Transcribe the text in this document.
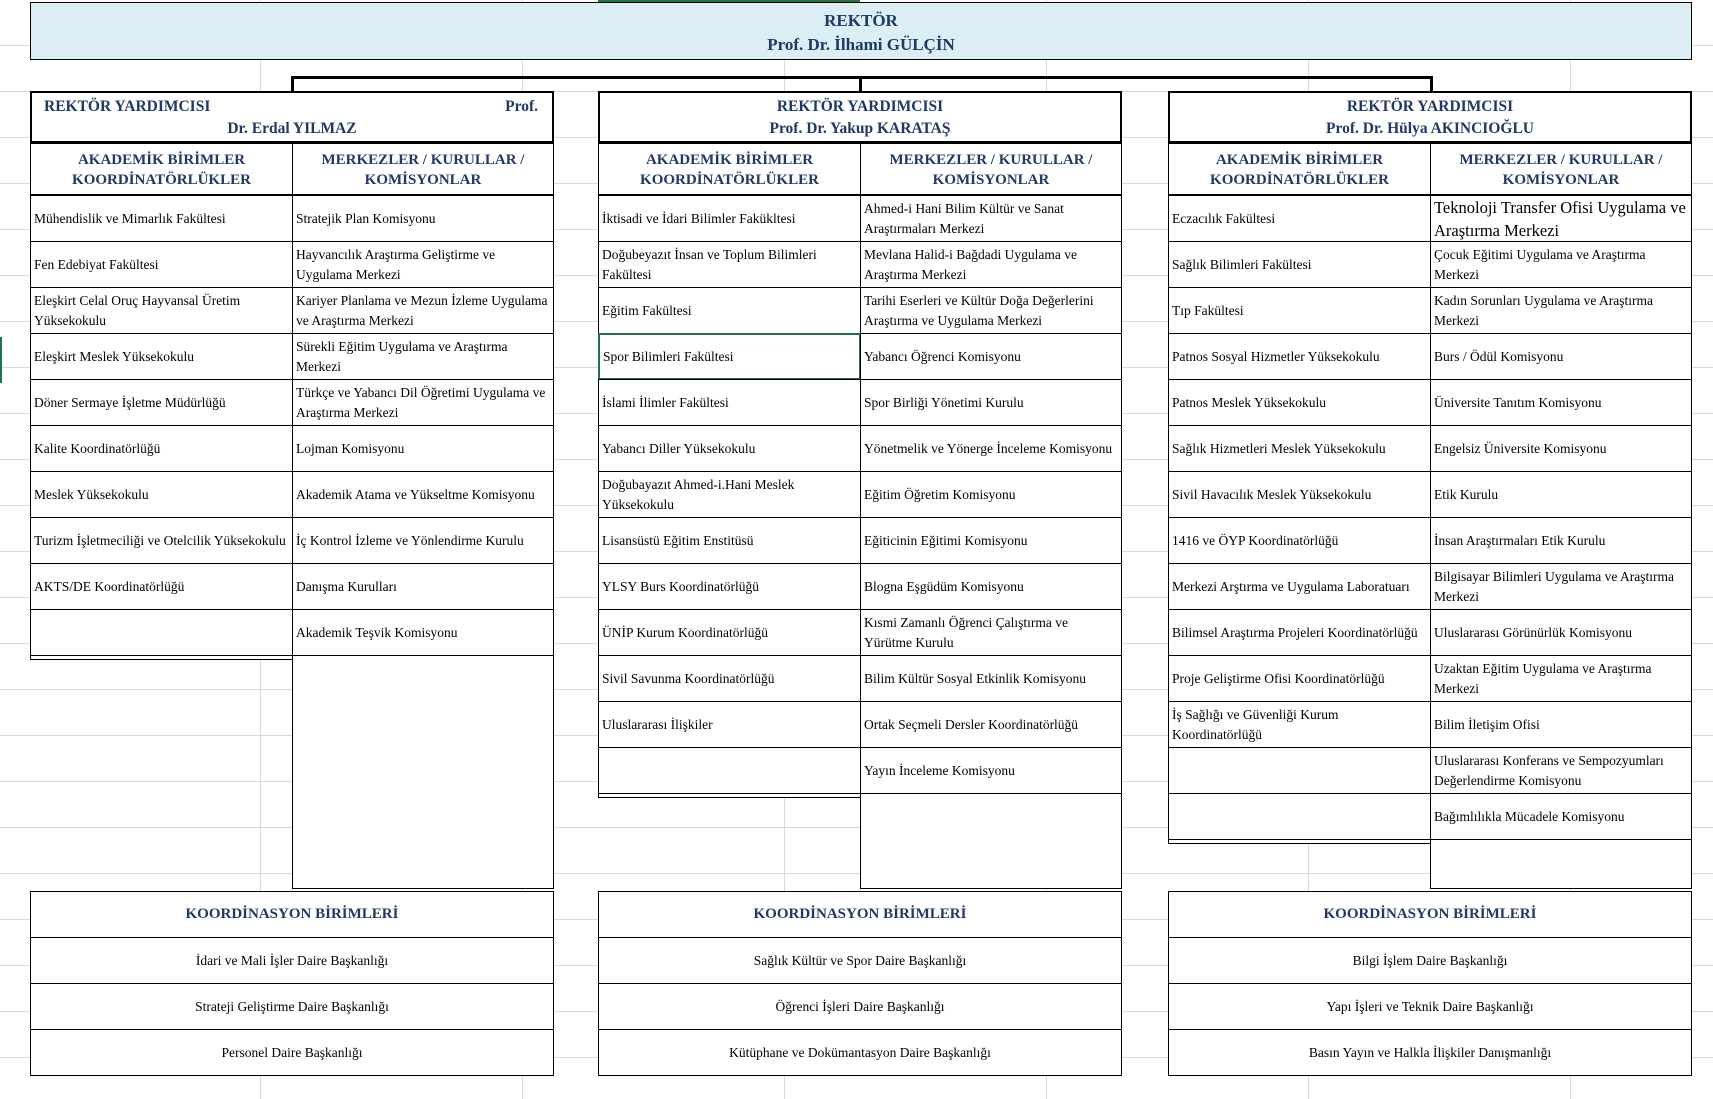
REKTÖR
Prof. Dr. İlhami GÜLÇİN
REKTÖR YARDIMCISI	Prof.
Dr. Erdal YILMAZ
REKTÖR YARDIMCISI
Prof. Dr. Yakup KARATAŞ
REKTÖR YARDIMCISI
Prof. Dr. Hülya AKINCIOĞLU
AKADEMİK BİRİMLER KOORDİNATÖRLÜKLER
MERKEZLER / KURULLAR / KOMİSYONLAR
AKADEMİK BİRİMLER KOORDİNATÖRLÜKLER
MERKEZLER / KURULLAR / KOMİSYONLAR
AKADEMİK BİRİMLER KOORDİNATÖRLÜKLER
MERKEZLER / KURULLAR / KOMİSYONLAR
Mühendislik ve Mimarlık Fakültesi
Fen Edebiyat Fakültesi
Eleşkirt Celal Oruç Hayvansal Üretim Yüksekokulu
Eleşkirt Meslek Yüksekokulu
Döner Sermaye İşletme Müdürlüğü
Kalite Koordinatörlüğü
Meslek Yüksekokulu
Turizm İşletmeciliği ve Otelcilik Yüksekokulu
AKTS/DE Koordinatörlüğü
Stratejik Plan Komisyonu
Hayvancılık Araştırma Geliştirme ve Uygulama Merkezi
Kariyer Planlama ve Mezun İzleme Uygulama ve Araştırma Merkezi
Sürekli Eğitim Uygulama ve Araştırma Merkezi
Türkçe ve Yabancı Dil Öğretimi Uygulama ve Araştırma Merkezi
Lojman Komisyonu
Akademik Atama ve Yükseltme Komisyonu
İç Kontrol İzleme ve Yönlendirme Kurulu
Danışma Kurulları
Akademik Teşvik Komisyonu
İktisadi ve İdari Bilimler Fakükltesi
Doğubeyazıt İnsan ve Toplum Bilimleri Fakültesi
Eğitim Fakültesi
Spor Bilimleri Fakültesi
İslami İlimler Fakültesi
Yabancı Diller Yüksekokulu
Doğubayazıt Ahmed-i.Hani Meslek Yüksekokulu
Lisansüstü Eğitim Enstitüsü
YLSY Burs Koordinatörlüğü
ÜNİP Kurum Koordinatörlüğü
Sivil Savunma Koordinatörlüğü
Uluslararası İlişkiler
Ahmed-i Hani Bilim Kültür ve Sanat Araştırmaları Merkezi
Mevlana Halid-i Bağdadi Uygulama ve Araştırma Merkezi
Tarihi Eserleri ve Kültür Doğa Değerlerini Araştırma ve Uygulama Merkezi
Yabancı Öğrenci Komisyonu
Spor Birliği Yönetimi Kurulu
Yönetmelik ve Yönerge İnceleme Komisyonu
Eğitim Öğretim Komisyonu
Eğiticinin Eğitimi Komisyonu
Blogna Eşgüdüm Komisyonu
Kısmi Zamanlı Öğrenci Çalıştırma ve Yürütme Kurulu
Bilim Kültür Sosyal Etkinlik Komisyonu
Ortak Seçmeli Dersler Koordinatörlüğü
Yayın İnceleme Komisyonu
Eczacılık Fakültesi
Sağlık Bilimleri Fakültesi
Tıp Fakültesi
Patnos Sosyal Hizmetler Yüksekokulu
Patnos Meslek Yüksekokulu
Sağlık Hizmetleri Meslek Yüksekokulu
Sivil Havacılık Meslek Yüksekokulu
1416 ve ÖYP Koordinatörlüğü
Merkezi Arştırma ve Uygulama Laboratuarı
Bilimsel Araştırma Projeleri Koordinatörlüğü
Proje Geliştirme Ofisi Koordinatörlüğü
İş Sağlığı ve Güvenliği Kurum Koordinatörlüğü
Teknoloji Transfer Ofisi Uygulama ve Araştırma Merkezi
Çocuk Eğitimi Uygulama ve Araştırma Merkezi
Kadın Sorunları Uygulama ve Araştırma Merkezi
Burs / Ödül Komisyonu
Üniversite Tanıtım Komisyonu
Engelsiz Üniversite Komisyonu
Etik Kurulu
İnsan Araştırmaları Etik Kurulu
Bilgisayar Bilimleri Uygulama ve Araştırma Merkezi
Uluslararası Görünürlük Komisyonu
Uzaktan Eğitim Uygulama ve Araştırma Merkezi
Bilim İletişim Ofisi
Uluslararası Konferans ve Sempozyumları Değerlendirme Komisyonu
Bağımlılıkla Mücadele Komisyonu
KOORDİNASYON BİRİMLERİ
İdari ve Mali İşler Daire Başkanlığı
Strateji Geliştirme Daire Başkanlığı
Personel Daire Başkanlığı
KOORDİNASYON BİRİMLERİ
Sağlık Kültür ve Spor Daire Başkanlığı
Öğrenci İşleri Daire Başkanlığı
Kütüphane ve Dokümantasyon Daire Başkanlığı
KOORDİNASYON BİRİMLERİ
Bilgi İşlem Daire Başkanlığı
Yapı İşleri ve Teknik Daire Başkanlığı
Basın Yayın ve Halkla İlişkiler Danışmanlığı
